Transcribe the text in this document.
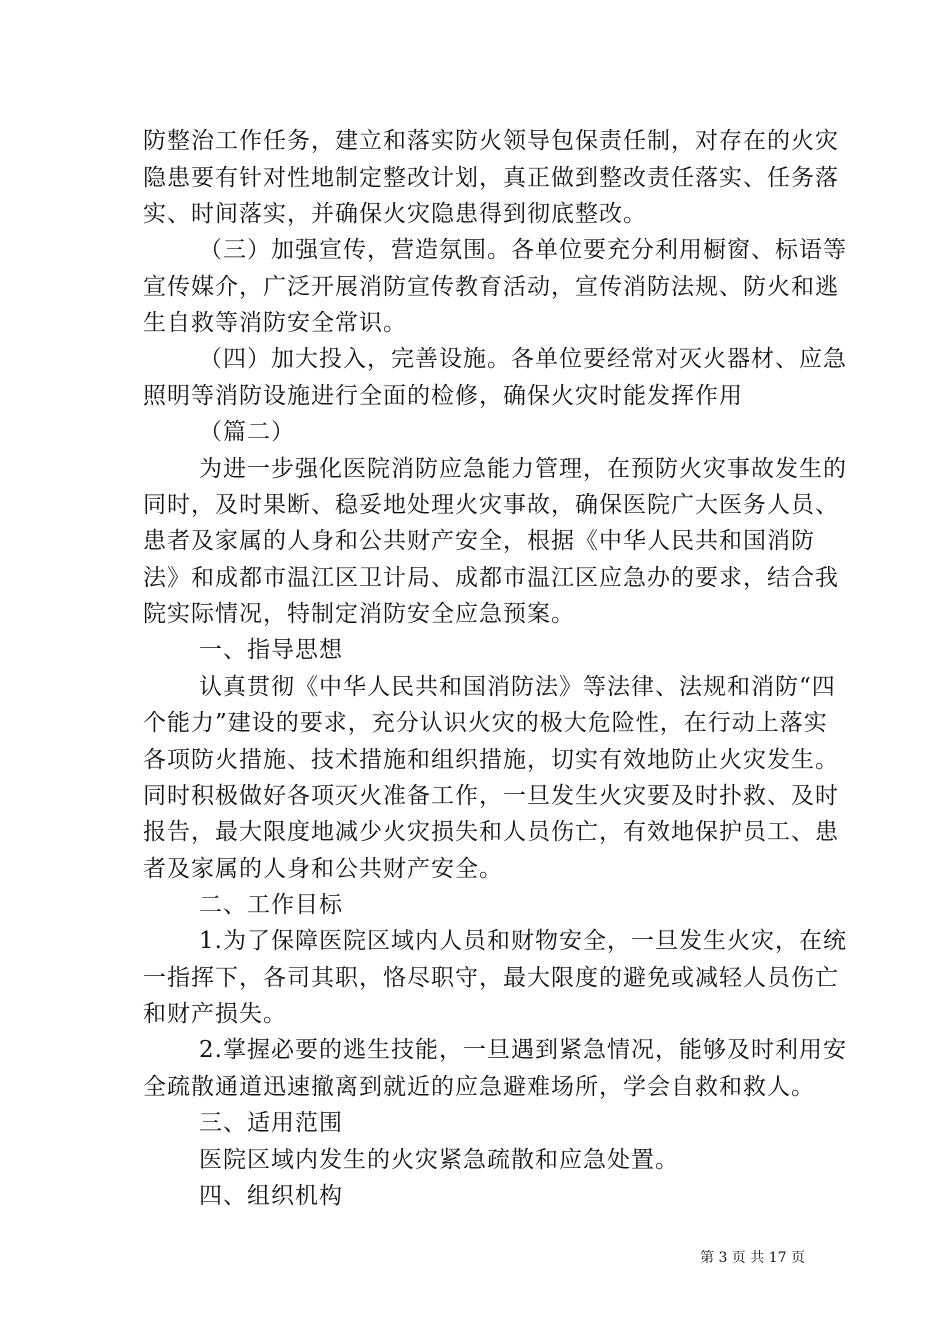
防整治工作任务，建立和落实防火领导包保责任制，对存在的火灾
隐患要有针对性地制定整改计划，真正做到整改责任落实、任务落
实、时间落实，并确保火灾隐患得到彻底整改。
（三）加强宣传，营造氛围。各单位要充分利用橱窗、标语等
宣传媒介，广泛开展消防宣传教育活动，宣传消防法规、防火和逃
生自救等消防安全常识。
（四）加大投入，完善设施。各单位要经常对灭火器材、应急
照明等消防设施进行全面的检修，确保火灾时能发挥作用
（篇二）
为进一步强化医院消防应急能力管理，在预防火灾事故发生的
同时，及时果断、稳妥地处理火灾事故，确保医院广大医务人员、
患者及家属的人身和公共财产安全，根据《中华人民共和国消防
法》和成都市温江区卫计局、成都市温江区应急办的要求，结合我
院实际情况，特制定消防安全应急预案。
一、指导思想
认真贯彻《中华人民共和国消防法》等法律、法规和消防“四
个能力”建设的要求，充分认识火灾的极大危险性，在行动上落实
各项防火措施、技术措施和组织措施，切实有效地防止火灾发生。
同时积极做好各项灭火准备工作，一旦发生火灾要及时扑救、及时
报告，最大限度地减少火灾损失和人员伤亡，有效地保护员工、患
者及家属的人身和公共财产安全。
二、工作目标
1.为了保障医院区域内人员和财物安全，一旦发生火灾，在统
一指挥下，各司其职，恪尽职守，最大限度的避免或减轻人员伤亡
和财产损失。
2.掌握必要的逃生技能，一旦遇到紧急情况，能够及时利用安
全疏散通道迅速撤离到就近的应急避难场所，学会自救和救人。
三、适用范围
医院区域内发生的火灾紧急疏散和应急处置。
四、组织机构
第 3 页 共 17 页
